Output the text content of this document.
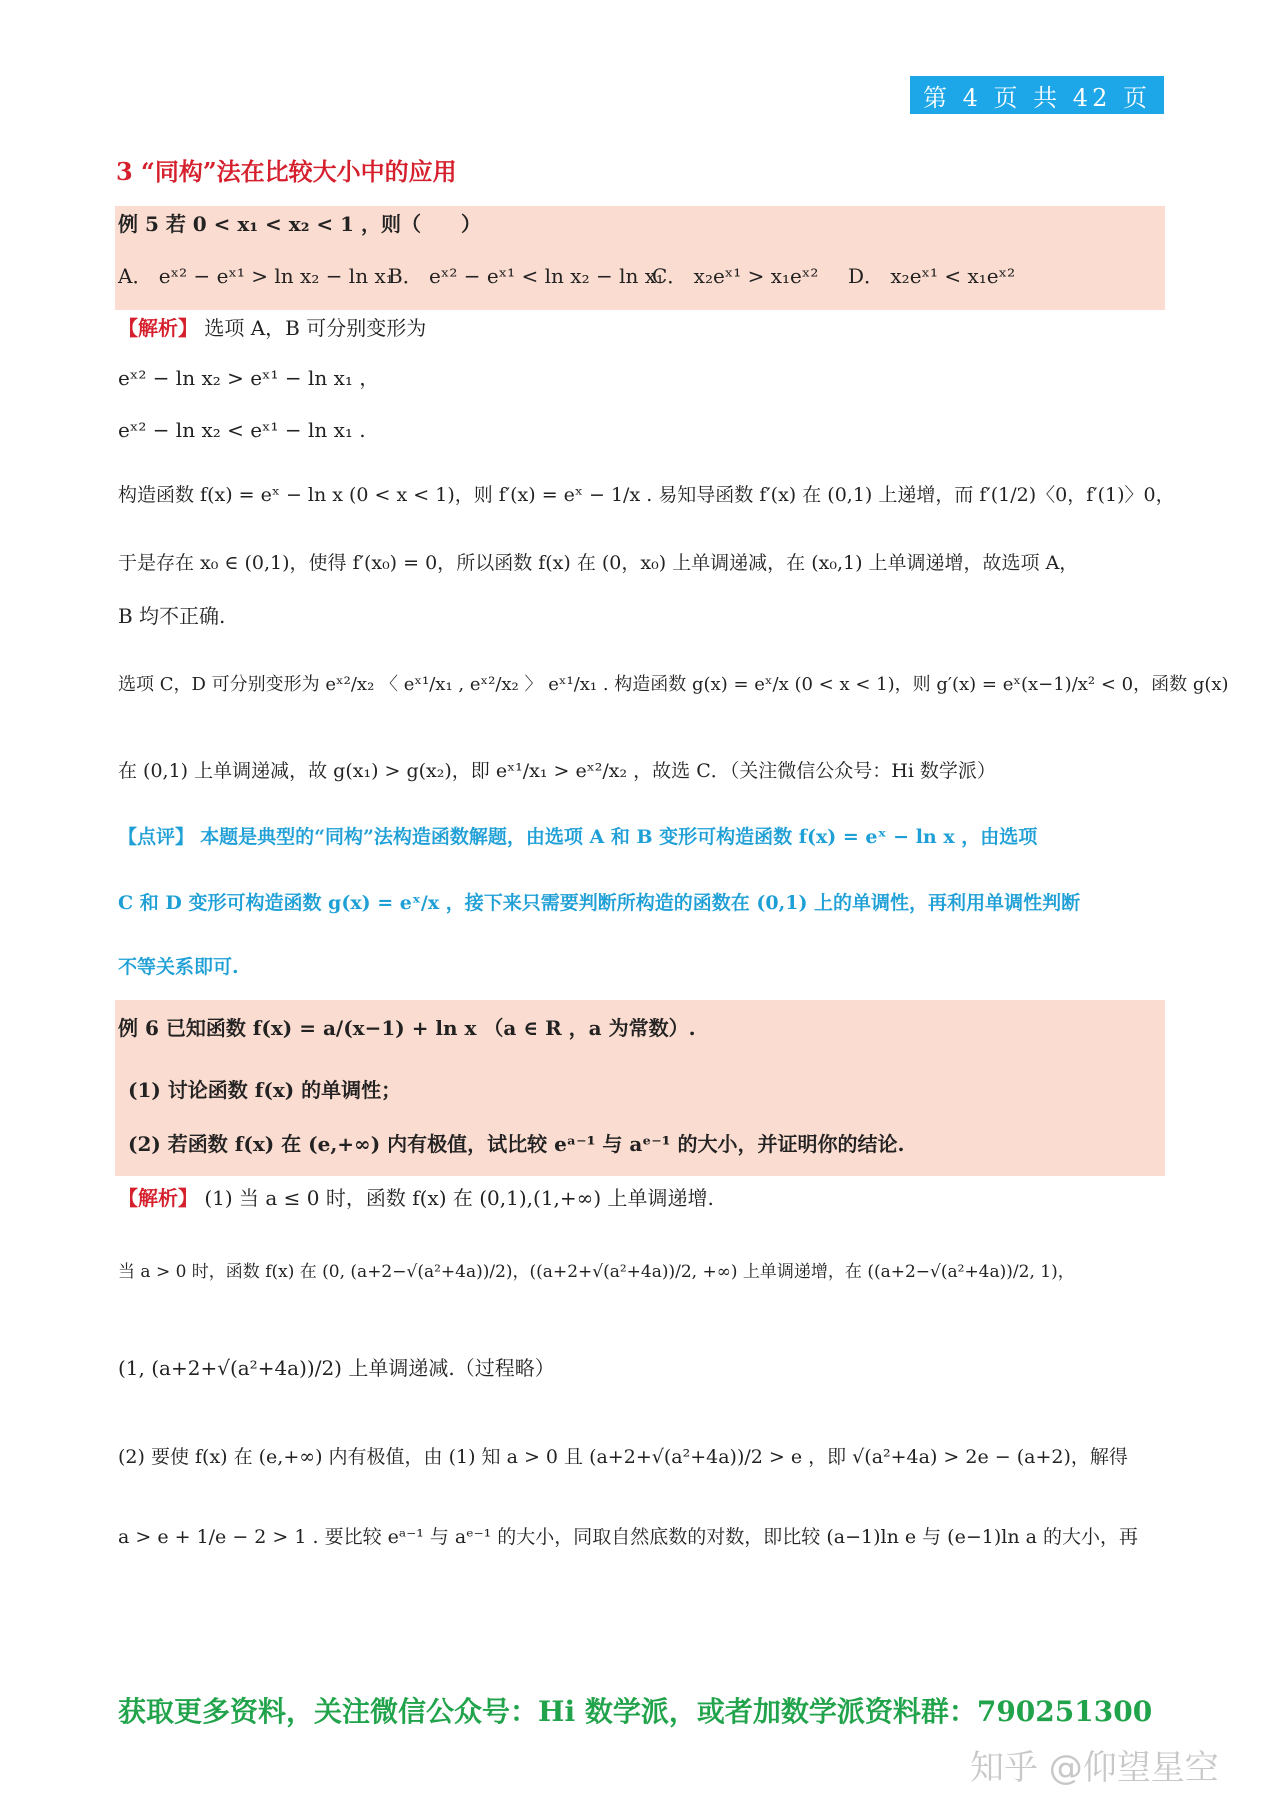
第 4 页 共 42 页
3 “同构”法在比较大小中的应用
例 5 若 0 < x₁ < x₂ < 1 ，则（　　）
A． eˣ² − eˣ¹ > ln x₂ − ln x₁
B． eˣ² − eˣ¹ < ln x₂ − ln x₁
C． x₂eˣ¹ > x₁eˣ² D． x₂eˣ¹ < x₁eˣ²
【解析】 选项 A，B 可分别变形为
eˣ² − ln x₂ > eˣ¹ − ln x₁ ，
eˣ² − ln x₂ < eˣ¹ − ln x₁ .
构造函数 f(x) = eˣ − ln x (0 < x < 1)，则 f′(x) = eˣ − 1/x . 易知导函数 f′(x) 在 (0,1) 上递增，而 f′(1/2)〈0，f′(1)〉0，
于是存在 x₀ ∈ (0,1)，使得 f′(x₀) = 0，所以函数 f(x) 在 (0，x₀) 上单调递减，在 (x₀,1) 上单调递增，故选项 A，
B 均不正确.
选项 C，D 可分别变形为 eˣ²/x₂ 〈 eˣ¹/x₁ , eˣ²/x₂ 〉 eˣ¹/x₁ . 构造函数 g(x) = eˣ/x (0 < x < 1)，则 g′(x) = eˣ(x−1)/x² < 0，函数 g(x)
在 (0,1) 上单调递减，故 g(x₁) > g(x₂)，即 eˣ¹/x₁ > eˣ²/x₂ ，故选 C．（关注微信公众号：Hi 数学派）
【点评】 本题是典型的“同构”法构造函数解题，由选项 A 和 B 变形可构造函数 f(x) = eˣ − ln x ，由选项
C 和 D 变形可构造函数 g(x) = eˣ/x ，接下来只需要判断所构造的函数在 (0,1) 上的单调性，再利用单调性判断
不等关系即可.
例 6 已知函数 f(x) = a/(x−1) + ln x （a ∈ R ，a 为常数）.
(1) 讨论函数 f(x) 的单调性；
(2) 若函数 f(x) 在 (e,+∞) 内有极值，试比较 eᵃ⁻¹ 与 aᵉ⁻¹ 的大小，并证明你的结论.
【解析】 (1) 当 a ≤ 0 时，函数 f(x) 在 (0,1),(1,+∞) 上单调递增.
当 a > 0 时，函数 f(x) 在 (0, (a+2−√(a²+4a))/2)，((a+2+√(a²+4a))/2, +∞) 上单调递增，在 ((a+2−√(a²+4a))/2, 1)，
(1, (a+2+√(a²+4a))/2) 上单调递减.（过程略）
(2) 要使 f(x) 在 (e,+∞) 内有极值，由 (1) 知 a > 0 且 (a+2+√(a²+4a))/2 > e ，即 √(a²+4a) > 2e − (a+2)，解得
a > e + 1/e − 2 > 1 . 要比较 eᵃ⁻¹ 与 aᵉ⁻¹ 的大小，同取自然底数的对数，即比较 (a−1)ln e 与 (e−1)ln a 的大小，再
获取更多资料，关注微信公众号：Hi 数学派，或者加数学派资料群：790251300
知乎 @仰望星空
